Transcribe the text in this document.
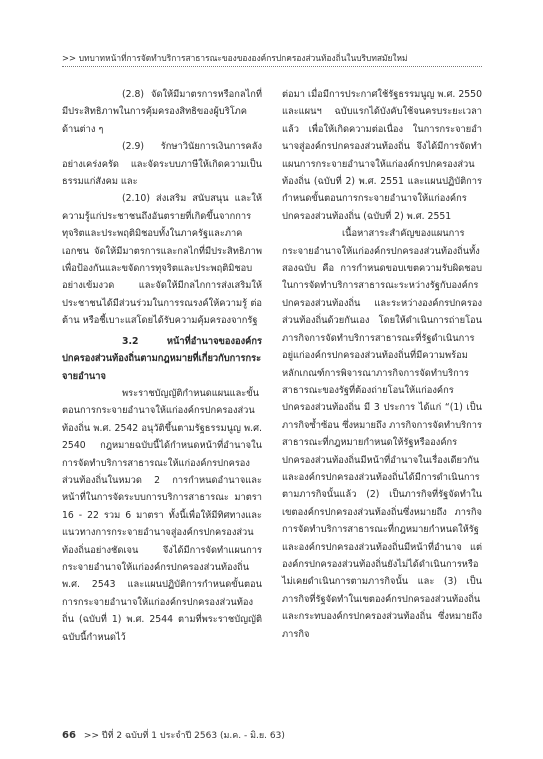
>> บทบาทหน้าที่การจัดทำบริการสาธารณะของขององค์กรปกครองส่วนท้องถิ่นในบริบทสมัยใหม่

(2.8) จัดให้มีมาตรการหรือกลไกที่มีประสิทธิภาพในการคุ้มครองสิทธิของผู้บริโภคด้านต่าง ๆ

(2.9) รักษาวินัยการเงินการคลังอย่างเคร่งครัด และจัดระบบภาษีให้เกิดความเป็นธรรมแก่สังคม และ

(2.10) ส่งเสริม สนับสนุน และให้ความรู้แก่ประชาชนถึงอันตรายที่เกิดขึ้นจากการทุจริตและประพฤติมิชอบทั้งในภาครัฐและภาคเอกชน จัดให้มีมาตรการและกลไกที่มีประสิทธิภาพเพื่อป้องกันและขจัดการทุจริตและประพฤติมิชอบอย่างเข้มงวด และจัดให้มีกลไกการส่งเสริมให้ประชาชนได้มีส่วนร่วมในการรณรงค์ให้ความรู้ ต่อต้าน หรือชี้เบาะแสโดยได้รับความคุ้มครองจากรัฐ

3.2 หน้าที่อำนาจขององค์กรปกครองส่วนท้องถิ่นตามกฎหมายที่เกี่ยวกับการกระจายอำนาจ

พระราชบัญญัติกำหนดแผนและขั้นตอนการกระจายอำนาจให้แก่องค์กรปกครองส่วนท้องถิ่น พ.ศ. 2542 อนุวัติขึ้นตามรัฐธรรมนูญ พ.ศ. 2540 กฎหมายฉบับนี้ได้กำหนดหน้าที่อำนาจในการจัดทำบริการสาธารณะให้แก่องค์กรปกครองส่วนท้องถิ่นในหมวด 2 การกำหนดอำนาจและหน้าที่ในการจัดระบบการบริการสาธารณะ มาตรา 16 - 22 รวม 6 มาตรา ทั้งนี้เพื่อให้มีทิศทางและแนวทางการกระจายอำนาจสู่องค์กรปกครองส่วนท้องถิ่นอย่างชัดเจน จึงได้มีการจัดทำแผนการกระจายอำนาจให้แก่องค์กรปกครองส่วนท้องถิ่น พ.ศ. 2543 และแผนปฏิบัติการกำหนดขั้นตอนการกระจายอำนาจให้แก่องค์กรปกครองส่วนท้องถิ่น (ฉบับที่ 1) พ.ศ. 2544 ตามที่พระราชบัญญัติฉบับนี้กำหนดไว้

ต่อมา เมื่อมีการประกาศใช้รัฐธรรมนูญ พ.ศ. 2550 และแผนฯ ฉบับแรกได้บังคับใช้จนครบระยะเวลาแล้ว เพื่อให้เกิดความต่อเนื่อง ในการกระจายอำนาจสู่องค์กรปกครองส่วนท้องถิ่น จึงได้มีการจัดทำแผนการกระจายอำนาจให้แก่องค์กรปกครองส่วนท้องถิ่น (ฉบับที่ 2) พ.ศ. 2551 และแผนปฏิบัติการกำหนดขั้นตอนการกระจายอำนาจให้แก่องค์กรปกครองส่วนท้องถิ่น (ฉบับที่ 2) พ.ศ. 2551

เนื้อหาสาระสำคัญของแผนการกระจายอำนาจให้แก่องค์กรปกครองส่วนท้องถิ่นทั้งสองฉบับ คือ การกำหนดขอบเขตความรับผิดชอบในการจัดทำบริการสาธารณะระหว่างรัฐกับองค์กรปกครองส่วนท้องถิ่น และระหว่างองค์กรปกครองส่วนท้องถิ่นด้วยกันเอง โดยให้ดำเนินการถ่ายโอนภารกิจการจัดทำบริการสาธารณะที่รัฐดำเนินการอยู่แก่องค์กรปกครองส่วนท้องถิ่นที่มีความพร้อม หลักเกณฑ์การพิจารณาภารกิจการจัดทำบริการสาธารณะของรัฐที่ต้องถ่ายโอนให้แก่องค์กรปกครองส่วนท้องถิ่น มี 3 ประการ ได้แก่ “(1) เป็นภารกิจซ้ำซ้อน ซึ่งหมายถึง ภารกิจการจัดทำบริการสาธารณะที่กฎหมายกำหนดให้รัฐหรือองค์กรปกครองส่วนท้องถิ่นมีหน้าที่อำนาจในเรื่องเดียวกัน และองค์กรปกครองส่วนท้องถิ่นได้มีการดำเนินการตามภารกิจนั้นแล้ว (2) เป็นภารกิจที่รัฐจัดทำในเขตองค์กรปกครองส่วนท้องถิ่นซึ่งหมายถึง ภารกิจการจัดทำบริการสาธารณะที่กฎหมายกำหนดให้รัฐและองค์กรปกครองส่วนท้องถิ่นมีหน้าที่อำนาจ แต่องค์กรปกครองส่วนท้องถิ่นยังไม่ได้ดำเนินการหรือไม่เคยดำเนินการตามภารกิจนั้น และ (3) เป็นภารกิจที่รัฐจัดทำในเขตองค์กรปกครองส่วนท้องถิ่นและกระทบองค์กรปกครองส่วนท้องถิ่น ซึ่งหมายถึง ภารกิจ

66 >> ปีที่ 2 ฉบับที่ 1 ประจำปี 2563 (ม.ค. - มิ.ย. 63)
